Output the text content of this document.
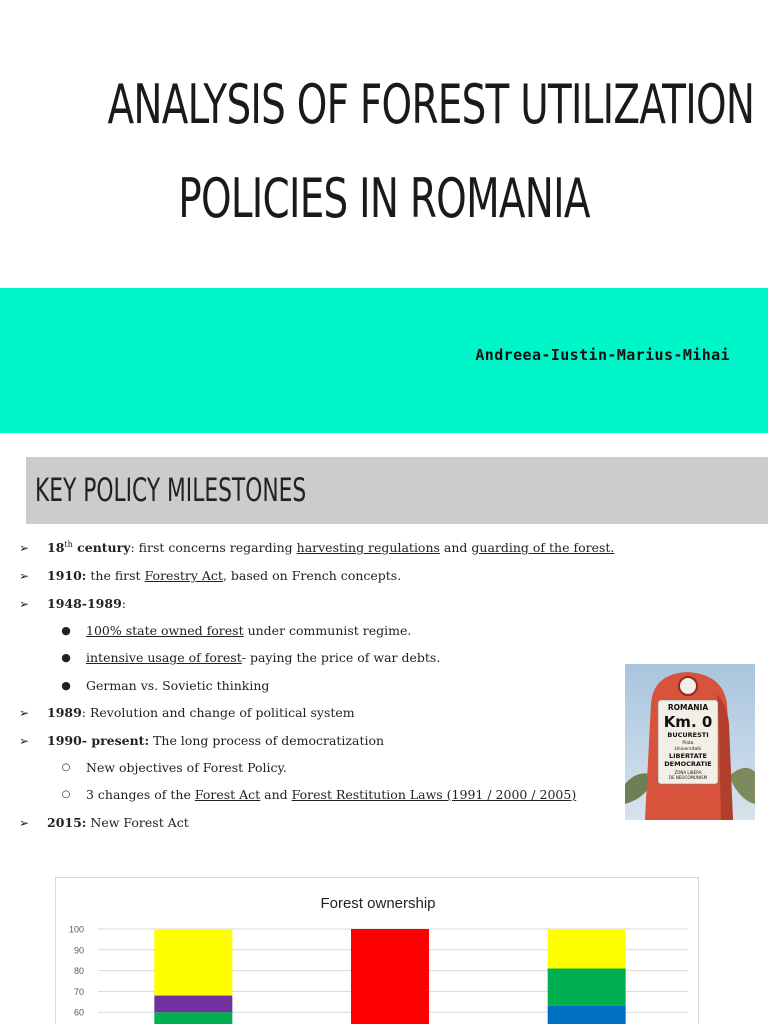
ANALYSIS OF FOREST UTILIZATION
POLICIES IN ROMANIA
Andreea-Iustin-Marius-Mihai
KEY POLICY MILESTONES
➢	18th century: first concerns regarding harvesting regulations and guarding of the forest.
➢	1910: the first Forestry Act, based on French concepts.
➢	1948-1989:
●	100% state owned forest under communist regime.
●	intensive usage of forest- paying the price of war debts.
●	German vs. Sovietic thinking
➢	1989: Revolution and change of political system
➢	1990- present: The long process of democratization
○	New objectives of Forest Policy.
○	3 changes of the Forest Act and Forest Restitution Laws (1991 / 2000 / 2005)
➢	2015: New Forest Act
ROMANIA
Km. 0
BUCURESTI
Piata
Universitatii
LIBERTATE
DEMOCRATIE
ZONA LIBERA
DE NEOCOMUNISM
Forest ownership
100
90
80
70
60
